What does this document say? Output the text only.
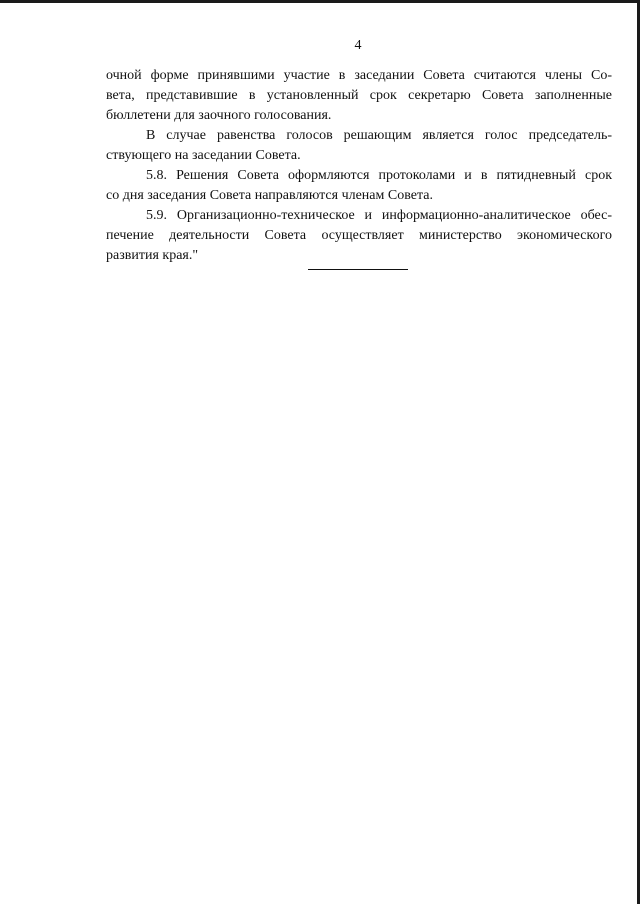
4

очной форме принявшими участие в заседании Совета считаются члены Со-
вета, представившие в установленный срок секретарю Совета заполненные
бюллетени для заочного голосования.

В случае равенства голосов решающим является голос председатель-
ствующего на заседании Совета.

5.8. Решения Совета оформляются протоколами и в пятидневный срок
со дня заседания Совета направляются членам Совета.

5.9. Организационно-техническое и информационно-аналитическое обес-
печение деятельности Совета осуществляет министерство экономического
развития края."
